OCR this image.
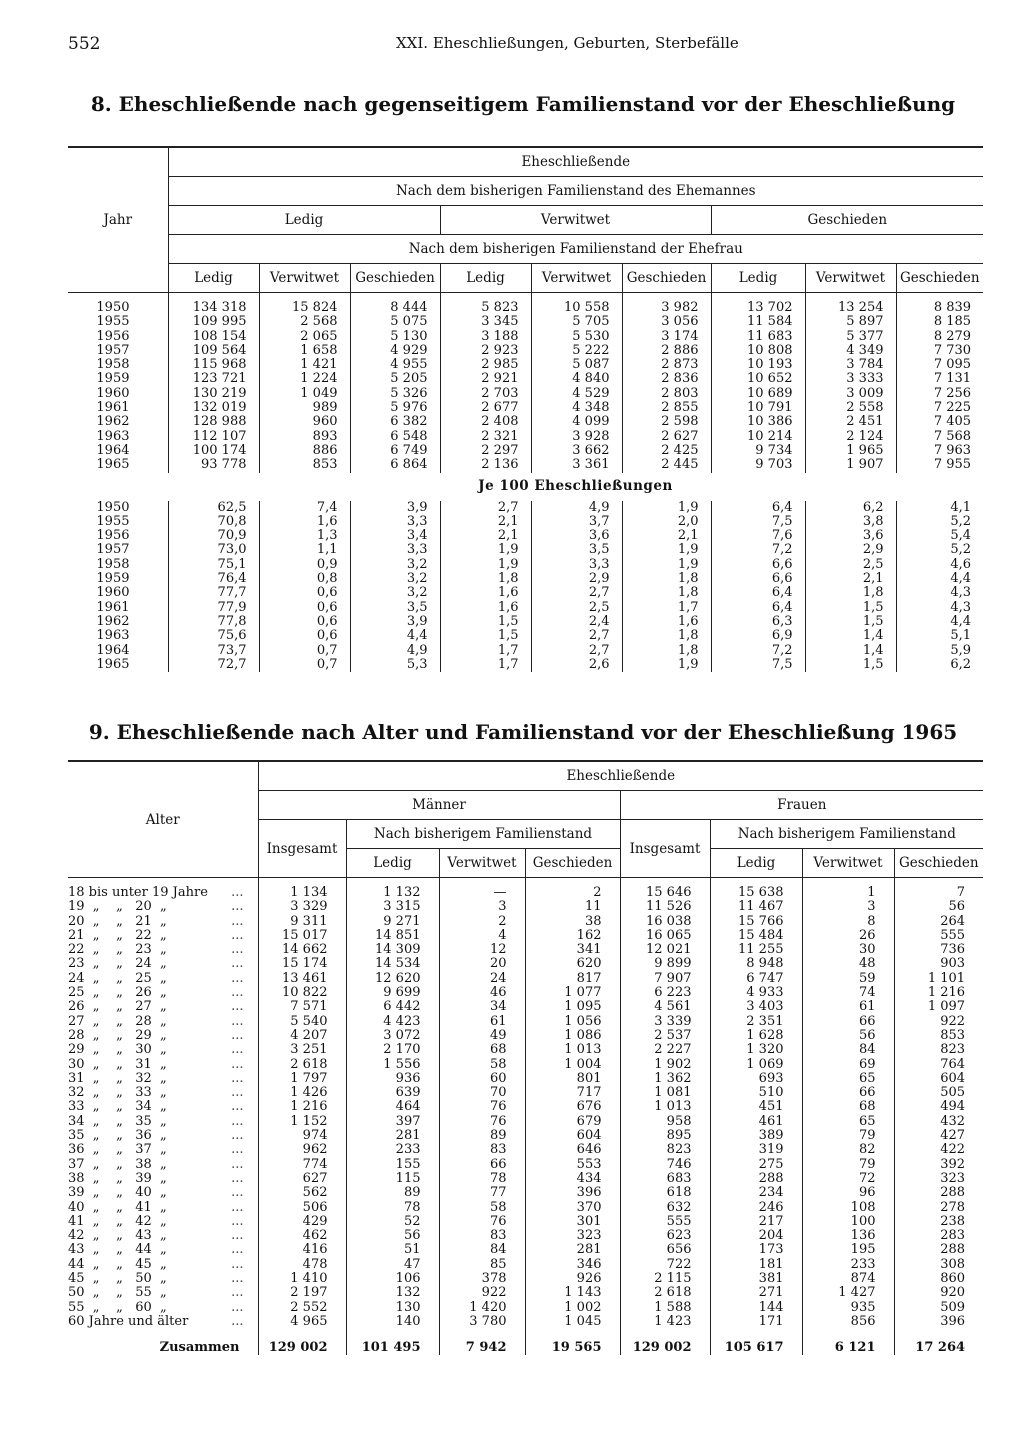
552	XXI. Eheschließungen, Geburten, Sterbefälle
8. Eheschließende nach gegenseitigem Familienstand vor der Eheschließung
Jahr	Eheschließende								
	Nach dem bisherigen Familienstand des Ehemannes								
	Ledig			Verwitwet			Geschieden		
	Nach dem bisherigen Familienstand der Ehefrau								
	Ledig	Verwitwet	Geschieden	Ledig	Verwitwet	Geschieden	Ledig	Verwitwet	Geschieden

1950	134 318	15 824	8 444	5 823	10 558	3 982	13 702	13 254	8 839
1955	109 995	2 568	5 075	3 345	5 705	3 056	11 584	5 897	8 185
1956	108 154	2 065	5 130	3 188	5 530	3 174	11 683	5 377	8 279
1957	109 564	1 658	4 929	2 923	5 222	2 886	10 808	4 349	7 730
1958	115 968	1 421	4 955	2 985	5 087	2 873	10 193	3 784	7 095
1959	123 721	1 224	5 205	2 921	4 840	2 836	10 652	3 333	7 131
1960	130 219	1 049	5 326	2 703	4 529	2 803	10 689	3 009	7 256
1961	132 019	989	5 976	2 677	4 348	2 855	10 791	2 558	7 225
1962	128 988	960	6 382	2 408	4 099	2 598	10 386	2 451	7 405
1963	112 107	893	6 548	2 321	3 928	2 627	10 214	2 124	7 568
1964	100 174	886	6 749	2 297	3 662	2 425	9 734	1 965	7 963
1965	93 778	853	6 864	2 136	3 361	2 445	9 703	1 907	7 955
	Je 100 Eheschließungen								
1950	62,5	7,4	3,9	2,7	4,9	1,9	6,4	6,2	4,1
1955	70,8	1,6	3,3	2,1	3,7	2,0	7,5	3,8	5,2
1956	70,9	1,3	3,4	2,1	3,6	2,1	7,6	3,6	5,4
1957	73,0	1,1	3,3	1,9	3,5	1,9	7,2	2,9	5,2
1958	75,1	0,9	3,2	1,9	3,3	1,9	6,6	2,5	4,6
1959	76,4	0,8	3,2	1,8	2,9	1,8	6,6	2,1	4,4
1960	77,7	0,6	3,2	1,6	2,7	1,8	6,4	1,8	4,3
1961	77,9	0,6	3,5	1,6	2,5	1,7	6,4	1,5	4,3
1962	77,8	0,6	3,9	1,5	2,4	1,6	6,3	1,5	4,4
1963	75,6	0,6	4,4	1,5	2,7	1,8	6,9	1,4	5,1
1964	73,7	0,7	4,9	1,7	2,7	1,8	7,2	1,4	5,9
1965	72,7	0,7	5,3	1,7	2,6	1,9	7,5	1,5	6,2
9. Eheschließende nach Alter und Familienstand vor der Eheschließung 1965
Alter	Eheschließende							
	Männer				Frauen			
	Insgesamt	Nach bisherigem Familienstand			Insgesamt	Nach bisherigem Familienstand		
		Ledig	Verwitwet	Geschieden		Ledig	Verwitwet	Geschieden

18 bis unter 19 Jahre ...	1 134	1 132	—	2	15 646	15 638	1	7
19  „    „   20  „ ...	3 329	3 315	3	11	11 526	11 467	3	56
20  „    „   21  „ ...	9 311	9 271	2	38	16 038	15 766	8	264
21  „    „   22  „ ...	15 017	14 851	4	162	16 065	15 484	26	555
22  „    „   23  „ ...	14 662	14 309	12	341	12 021	11 255	30	736
23  „    „   24  „ ...	15 174	14 534	20	620	9 899	8 948	48	903
24  „    „   25  „ ...	13 461	12 620	24	817	7 907	6 747	59	1 101
25  „    „   26  „ ...	10 822	9 699	46	1 077	6 223	4 933	74	1 216
26  „    „   27  „ ...	7 571	6 442	34	1 095	4 561	3 403	61	1 097
27  „    „   28  „ ...	5 540	4 423	61	1 056	3 339	2 351	66	922
28  „    „   29  „ ...	4 207	3 072	49	1 086	2 537	1 628	56	853
29  „    „   30  „ ...	3 251	2 170	68	1 013	2 227	1 320	84	823
30  „    „   31  „ ...	2 618	1 556	58	1 004	1 902	1 069	69	764
31  „    „   32  „ ...	1 797	936	60	801	1 362	693	65	604
32  „    „   33  „ ...	1 426	639	70	717	1 081	510	66	505
33  „    „   34  „ ...	1 216	464	76	676	1 013	451	68	494
34  „    „   35  „ ...	1 152	397	76	679	958	461	65	432
35  „    „   36  „ ...	974	281	89	604	895	389	79	427
36  „    „   37  „ ...	962	233	83	646	823	319	82	422
37  „    „   38  „ ...	774	155	66	553	746	275	79	392
38  „    „   39  „ ...	627	115	78	434	683	288	72	323
39  „    „   40  „ ...	562	89	77	396	618	234	96	288
40  „    „   41  „ ...	506	78	58	370	632	246	108	278
41  „    „   42  „ ...	429	52	76	301	555	217	100	238
42  „    „   43  „ ...	462	56	83	323	623	204	136	283
43  „    „   44  „ ...	416	51	84	281	656	173	195	288
44  „    „   45  „ ...	478	47	85	346	722	181	233	308
45  „    „   50  „ ...	1 410	106	378	926	2 115	381	874	860
50  „    „   55  „ ...	2 197	132	922	1 143	2 618	271	1 427	920
55  „    „   60  „ ...	2 552	130	1 420	1 002	1 588	144	935	509
60 Jahre und älter ...	4 965	140	3 780	1 045	1 423	171	856	396
Zusammen	129 002	101 495	7 942	19 565	129 002	105 617	6 121	17 264
